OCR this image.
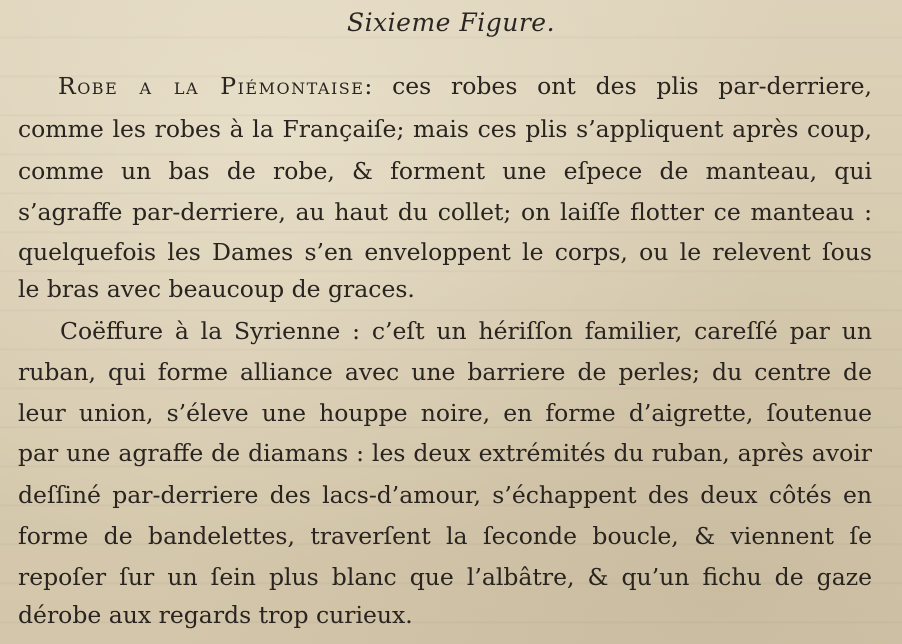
Sixieme Figure.
Robe a la Piémontaise: ces robes ont des plis par-derriere,
comme les robes à la Françaiſe; mais ces plis s’appliquent après coup,
comme un bas de robe, & forment une eſpece de manteau, qui
s’agraffe par-derriere, au haut du collet; on laiſſe flotter ce manteau :
quelquefois les Dames s’en enveloppent le corps, ou le relevent ſous
le bras avec beaucoup de graces.
Coëffure à la Syrienne : c’eſt un hériſſon familier, careſſé par un
ruban, qui forme alliance avec une barriere de perles; du centre de
leur union, s’éleve une houppe noire, en forme d’aigrette, ſoutenue
par une agraffe de diamans : les deux extrémités du ruban, après avoir
deſſiné par-derriere des lacs-d’amour, s’échappent des deux côtés en
forme de bandelettes, traverſent la ſeconde boucle, & viennent ſe
repoſer ſur un ſein plus blanc que l’albâtre, & qu’un fichu de gaze
dérobe aux regards trop curieux.
